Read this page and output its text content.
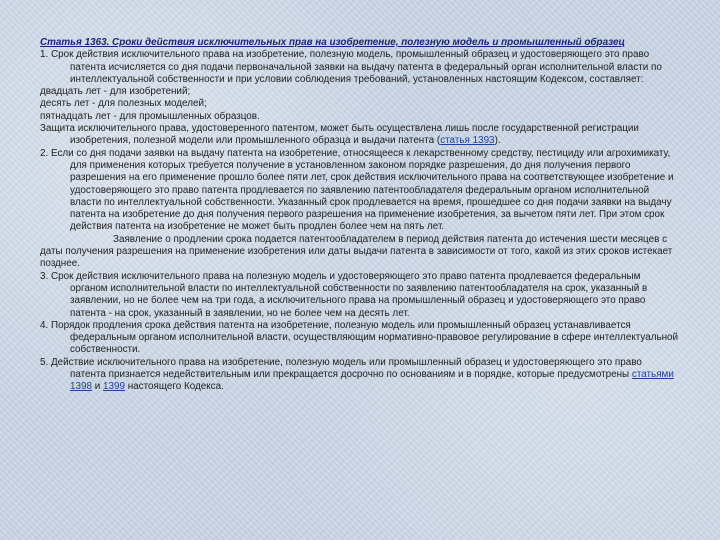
Статья 1363. Сроки действия исключительных прав на изобретение, полезную модель и промышленный образец

1. Срок действия исключительного права на изобретение, полезную модель, промышленный образец и удостоверяющего это право патента исчисляется со дня подачи первоначальной заявки на выдачу патента в федеральный орган исполнительной власти по интеллектуальной собственности и при условии соблюдения требований, установленных настоящим Кодексом, составляет:

двадцать лет - для изобретений;

десять лет - для полезных моделей;

пятнадцать лет - для промышленных образцов.

Защита исключительного права, удостоверенного патентом, может быть осуществлена лишь после государственной регистрации изобретения, полезной модели или промышленного образца и выдачи патента (статья 1393).

2. Если со дня подачи заявки на выдачу патента на изобретение, относящееся к лекарственному средству, пестициду или агрохимикату, для применения которых требуется получение в установленном законом порядке разрешения, до дня получения первого разрешения на его применение прошло более пяти лет, срок действия исключительного права на соответствующее изобретение и удостоверяющего это право патента продлевается по заявлению патентообладателя федеральным органом исполнительной власти по интеллектуальной собственности. Указанный срок продлевается на время, прошедшее со дня подачи заявки на выдачу патента на изобретение до дня получения первого разрешения на применение изобретения, за вычетом пяти лет. При этом срок действия патента на изобретение не может быть продлен более чем на пять лет.

Заявление о продлении срока подается патентообладателем в период действия патента до истечения шести месяцев с даты получения разрешения на применение изобретения или даты выдачи патента в зависимости от того, какой из этих сроков истекает позднее.

3. Срок действия исключительного права на полезную модель и удостоверяющего это право патента продлевается федеральным органом исполнительной власти по интеллектуальной собственности по заявлению патентообладателя на срок, указанный в заявлении, но не более чем на три года, а исключительного права на промышленный образец и удостоверяющего это право патента - на срок, указанный в заявлении, но не более чем на десять лет.

4. Порядок продления срока действия патента на изобретение, полезную модель или промышленный образец устанавливается федеральным органом исполнительной власти, осуществляющим нормативно-правовое регулирование в сфере интеллектуальной собственности.

5. Действие исключительного права на изобретение, полезную модель или промышленный образец и удостоверяющего это право патента признается недействительным или прекращается досрочно по основаниям и в порядке, которые предусмотрены статьями 1398 и 1399 настоящего Кодекса.
